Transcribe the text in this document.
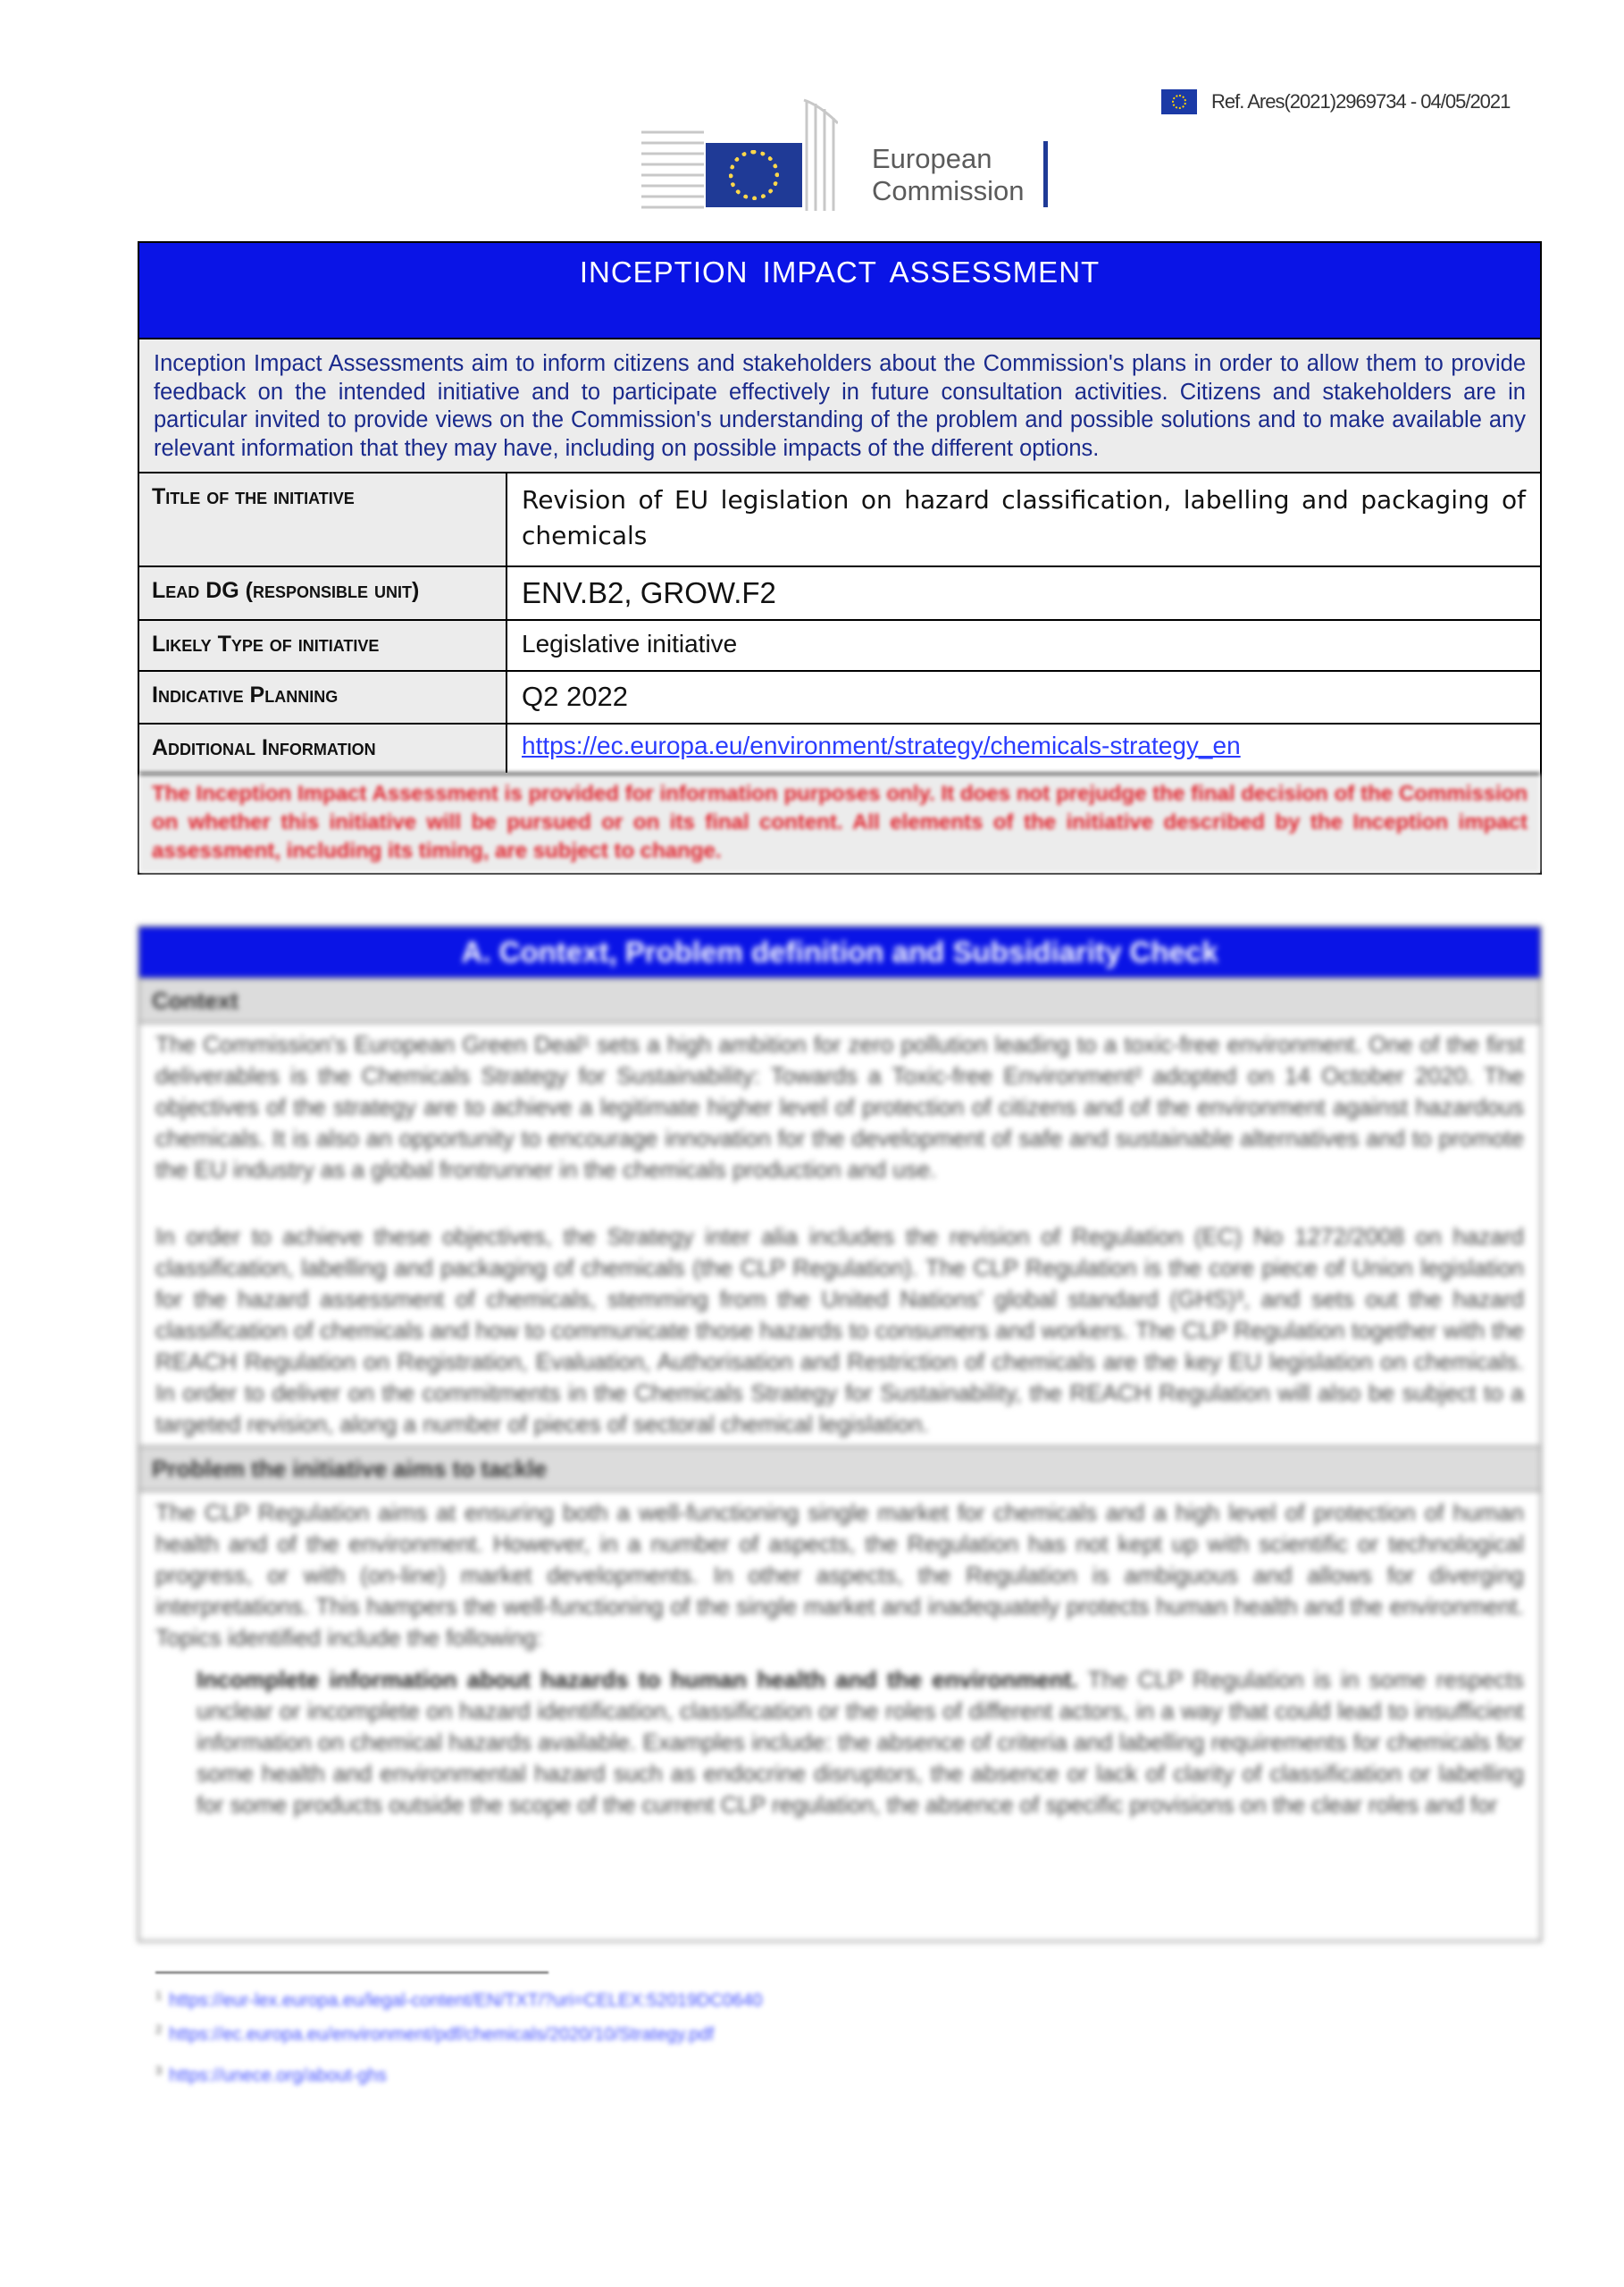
Ref. Ares(2021)2969734 - 04/05/2021
European
Commission
INCEPTION IMPACT ASSESSMENT
Inception Impact Assessments aim to inform citizens and stakeholders about the Commission's plans in order to allow them to provide feedback on the intended initiative and to participate effectively in future consultation activities. Citizens and stakeholders are in particular invited to provide views on the Commission's understanding of the problem and possible solutions and to make available any relevant information that they may have, including on possible impacts of the different options.
Title of the initiative	Revision of EU legislation on hazard classification, labelling and packaging of chemicals
Lead DG (responsible unit)	ENV.B2, GROW.F2
Likely Type of initiative	Legislative initiative
Indicative Planning	Q2 2022
Additional Information	https://ec.europa.eu/environment/strategy/chemicals-strategy_en
The Inception Impact Assessment is provided for information purposes only. It does not prejudge the final decision of the Commission on whether this initiative will be pursued or on its final content. All elements of the initiative described by the Inception impact assessment, including its timing, are subject to change.
A. Context, Problem definition and Subsidiarity Check
Context
The Commission's European Green Deal¹ sets a high ambition for zero pollution leading to a toxic-free environment. One of the first deliverables is the Chemicals Strategy for Sustainability: Towards a Toxic-free Environment² adopted on 14 October 2020. The objectives of the strategy are to achieve a legitimate higher level of protection of citizens and of the environment against hazardous chemicals. It is also an opportunity to encourage innovation for the development of safe and sustainable alternatives and to promote the EU industry as a global frontrunner in the chemicals production and use.
In order to achieve these objectives, the Strategy inter alia includes the revision of Regulation (EC) No 1272/2008 on hazard classification, labelling and packaging of chemicals (the CLP Regulation). The CLP Regulation is the core piece of Union legislation for the hazard assessment of chemicals, stemming from the United Nations' global standard (GHS)³, and sets out the hazard classification of chemicals and how to communicate those hazards to consumers and workers. The CLP Regulation together with the REACH Regulation on Registration, Evaluation, Authorisation and Restriction of chemicals are the key EU legislation on chemicals. In order to deliver on the commitments in the Chemicals Strategy for Sustainability, the REACH Regulation will also be subject to a targeted revision, along a number of pieces of sectoral chemical legislation.
Problem the initiative aims to tackle
The CLP Regulation aims at ensuring both a well-functioning single market for chemicals and a high level of protection of human health and of the environment. However, in a number of aspects, the Regulation has not kept up with scientific or technological progress, or with (on-line) market developments. In other aspects, the Regulation is ambiguous and allows for diverging interpretations. This hampers the well-functioning of the single market and inadequately protects human health and the environment. Topics identified include the following:
Incomplete information about hazards to human health and the environment. The CLP Regulation is in some respects unclear or incomplete on hazard identification, classification or the roles of different actors, in a way that could lead to insufficient information on chemical hazards available. Examples include: the absence of criteria and labelling requirements for chemicals for some health and environmental hazard such as endocrine disruptors, the absence or lack of clarity of classification or labelling for some products outside the scope of the current CLP regulation, the absence of specific provisions on the clear roles and for
$^1$ https://eur-lex.europa.eu/legal-content/EN/TXT/?uri=CELEX:52019DC0640
$^2$ https://ec.europa.eu/environment/pdf/chemicals/2020/10/Strategy.pdf
$^3$ https://unece.org/about-ghs
